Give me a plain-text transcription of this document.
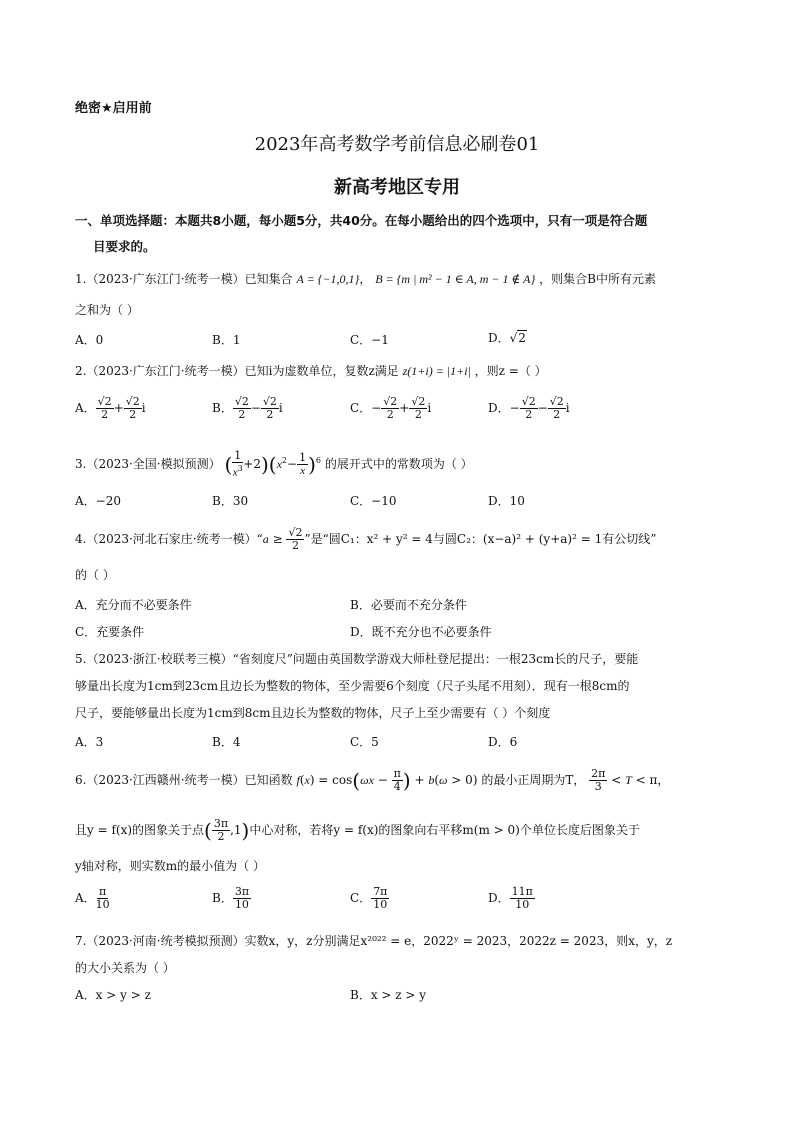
绝密★启用前
2023年高考数学考前信息必刷卷01
新高考地区专用
一、单项选择题：本题共8小题，每小题5分，共40分。在每小题给出的四个选项中，只有一项是符合题
目要求的。
1.（2023·广东江门·统考一模）已知集合 A = {−1,0,1}， B = {m | m² − 1 ∈ A, m − 1 ∉ A} ，则集合B中所有元素
之和为（ ）
A．0	B．1	C．−1	D．√2
2.（2023·广东江门·统考一模）已知i为虚数单位，复数z满足 z(1+i) = |1+i| ，则z =（ ）
A． $\frac{√2}{2} + \frac{√2}{2}$ i	B． $\frac{√2}{2} - \frac{√2}{2}$ i	C．− $\frac{√2}{2} + \frac{√2}{2}$ i	D．− $\frac{√2}{2} - \frac{√2}{2}$ i
3.（2023·全国·模拟预测） ( $\frac{1}{x^3} +2)(x^2- \frac{1}{x} )^6$ 的展开式中的常数项为（ ）
A．−20	B．30	C．−10	D．10
4.（2023·河北石家庄·统考一模）“a ≥ $\frac{√2}{2}$ ”是“圆C₁：x² + y² = 4与圆C₂：(x−a)² + (y+a)² = 1有公切线”
的（ ）
A．充分而不必要条件	B．必要而不充分条件
C．充要条件	D．既不充分也不必要条件
5.（2023·浙江·校联考三模）“省刻度尺”问题由英国数学游戏大师杜登尼提出：一根23cm长的尺子，要能
够量出长度为1cm到23cm且边长为整数的物体，至少需要6个刻度（尺子头尾不用刻）．现有一根8cm的
尺子，要能够量出长度为1cm到8cm且边长为整数的物体，尺子上至少需要有（ ）个刻度
A．3	B．4	C．5	D．6
6.（2023·江西赣州·统考一模）已知函数 $f(x) = \cos(\omega x - \frac{\pi}{4}$ ) + b(ω > 0) 的最小正周期为T， $\frac{2\pi}{3} < T < \pi$，
且y = f(x)的图象关于点( $\frac{3\pi}{2} ,1$)中心对称，若将y = f(x)的图象向右平移m(m > 0)个单位长度后图象关于
y轴对称，则实数m的最小值为（ ）
A． $\frac{\pi}{10}$	B． $\frac{3\pi}{10}$	C． $\frac{7\pi}{10}$	D． $\frac{11\pi}{10}$
7.（2023·河南·统考模拟预测）实数x，y，z分别满足x²⁰²² = e，2022ʸ = 2023，2022z = 2023，则x，y，z
的大小关系为（ ）
A．x > y > z	B．x > z > y
